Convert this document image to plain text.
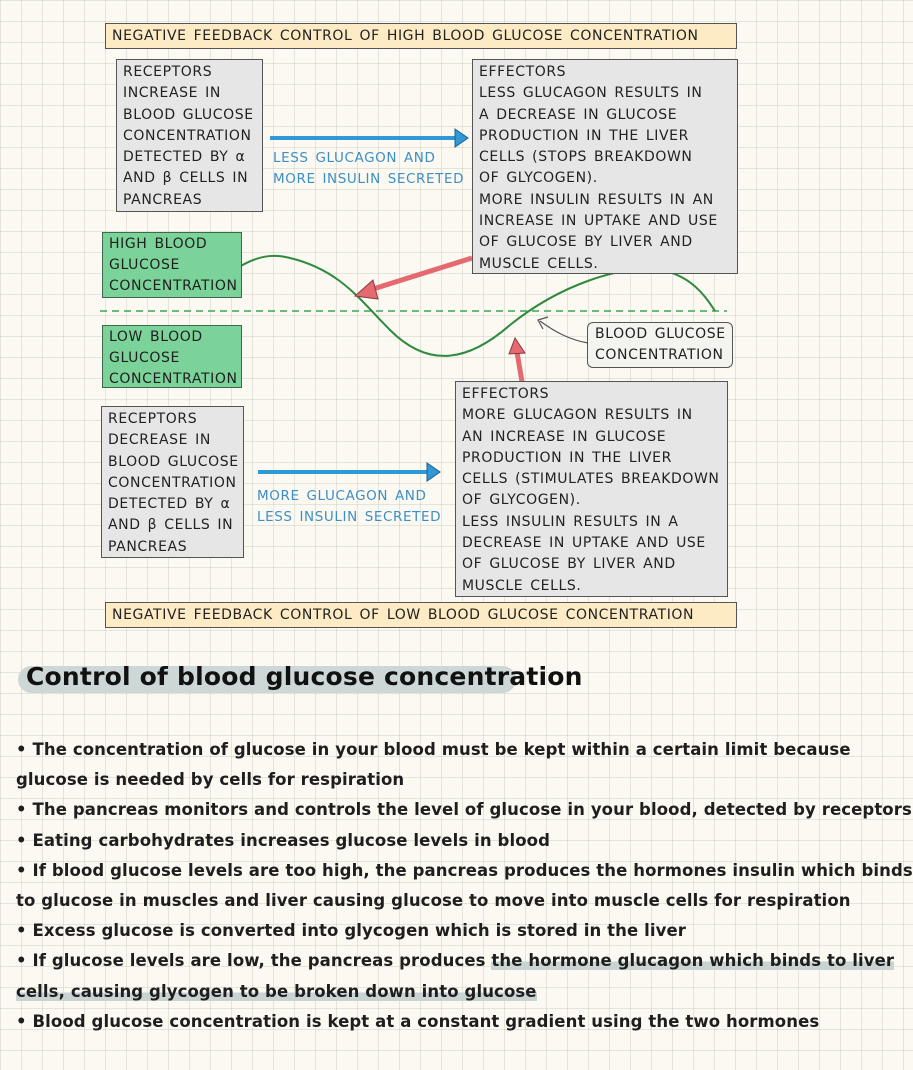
NEGATIVE FEEDBACK CONTROL OF HIGH BLOOD GLUCOSE CONCENTRATION
RECEPTORS
INCREASE IN
BLOOD GLUCOSE
CONCENTRATION
DETECTED BY α
AND β CELLS IN
PANCREAS
LESS GLUCAGON AND
MORE INSULIN SECRETED
EFFECTORS
LESS GLUCAGON RESULTS IN
A DECREASE IN GLUCOSE
PRODUCTION IN THE LIVER
CELLS (STOPS BREAKDOWN
OF GLYCOGEN).
MORE INSULIN RESULTS IN AN
INCREASE IN UPTAKE AND USE
OF GLUCOSE BY LIVER AND
MUSCLE CELLS.
HIGH BLOOD
GLUCOSE
CONCENTRATION
LOW BLOOD
GLUCOSE
CONCENTRATION
BLOOD GLUCOSE
CONCENTRATION
RECEPTORS
DECREASE IN
BLOOD GLUCOSE
CONCENTRATION
DETECTED BY α
AND β CELLS IN
PANCREAS
MORE GLUCAGON AND
LESS INSULIN SECRETED
EFFECTORS
MORE GLUCAGON RESULTS IN
AN INCREASE IN GLUCOSE
PRODUCTION IN THE LIVER
CELLS (STIMULATES BREAKDOWN
OF GLYCOGEN).
LESS INSULIN RESULTS IN A
DECREASE IN UPTAKE AND USE
OF GLUCOSE BY LIVER AND
MUSCLE CELLS.
NEGATIVE FEEDBACK CONTROL OF LOW BLOOD GLUCOSE CONCENTRATION
Control of blood glucose concentration
• The concentration of glucose in your blood must be kept within a certain limit because
glucose is needed by cells for respiration
• The pancreas monitors and controls the level of glucose in your blood, detected by receptors
• Eating carbohydrates increases glucose levels in blood
• If blood glucose levels are too high, the pancreas produces the hormones insulin which binds
to glucose in muscles and liver causing glucose to move into muscle cells for respiration
• Excess glucose is converted into glycogen which is stored in the liver
• If glucose levels are low, the pancreas produces the hormone glucagon which binds to liver
cells, causing glycogen to be broken down into glucose
• Blood glucose concentration is kept at a constant gradient using the two hormones
